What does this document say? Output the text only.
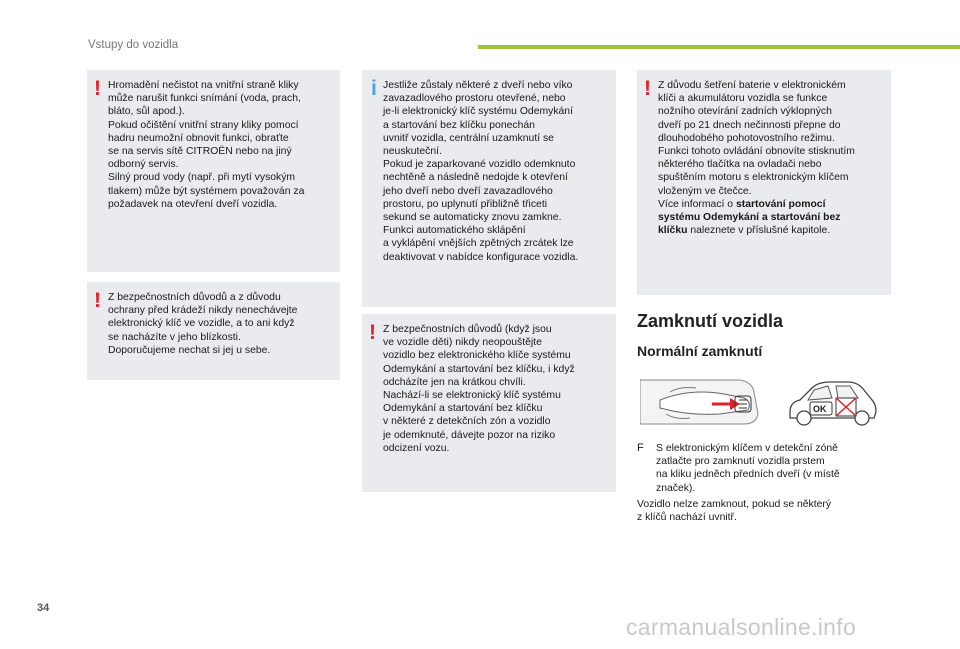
Vstupy do vozidla
! Hromadění nečistot na vnitřní straně kliky
může narušit funkci snímání (voda, prach,
bláto, sůl apod.).
Pokud očištění vnitřní strany kliky pomocí
hadru neumožní obnovit funkci, obraťte
se na servis sítě CITROËN nebo na jiný
odborný servis.
Silný proud vody (např. při mytí vysokým
tlakem) může být systémem považován za
požadavek na otevření dveří vozidla.

! Z bezpečnostních důvodů a z důvodu
ochrany před krádeží nikdy nenechávejte
elektronický klíč ve vozidle, a to ani když
se nacházíte v jeho blízkosti.
Doporučujeme nechat si jej u sebe.

i Jestliže zůstaly některé z dveří nebo víko
zavazadlového prostoru otevřené, nebo
je-li elektronický klíč systému Odemykání
a startování bez klíčku ponechán
uvnitř vozidla, centrální uzamknutí se
neuskuteční.
Pokud je zaparkované vozidlo odemknuto
nechtěně a následně nedojde k otevření
jeho dveří nebo dveří zavazadlového
prostoru, po uplynutí přibližně třiceti
sekund se automaticky znovu zamkne.
Funkci automatického sklápění
a vyklápění vnějších zpětných zrcátek lze
deaktivovat v nabídce konfigurace vozidla.

! Z bezpečnostních důvodů (když jsou
ve vozidle děti) nikdy neopouštějte
vozidlo bez elektronického klíče systému
Odemykání a startování bez klíčku, i když
odcházíte jen na krátkou chvíli.
Nachází-li se elektronický klíč systému
Odemykání a startování bez klíčku
v některé z detekčních zón a vozidlo
je odemknuté, dávejte pozor na riziko
odcizení vozu.

! Z důvodu šetření baterie v elektronickém
klíči a akumulátoru vozidla se funkce
nožního otevírání zadních výklopných
dveří po 21 dnech nečinnosti přepne do
dlouhodobého pohotovostního režimu.
Funkci tohoto ovládání obnovíte stisknutím
některého tlačítka na ovladači nebo
spuštěním motoru s elektronickým klíčem
vloženým ve čtečce.
Více informací o startování pomocí
systému Odemykání a startování bez
klíčku naleznete v příslušné kapitole.

Zamknutí vozidla
Normální zamknutí
OK
F S elektronickým klíčem v detekční zóně
zatlačte pro zamknutí vozidla prstem
na kliku jedněch předních dveří (v místě
značek).

Vozidlo nelze zamknout, pokud se některý
z klíčů nachází uvnitř.

34
carmanualsonline.info
